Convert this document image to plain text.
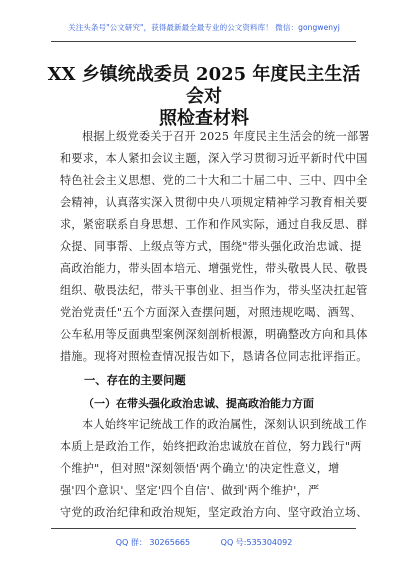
关注头条号"公文研究"，获得最新最全最专业的公文资料库！ 微信：gongwenyj
XX 乡镇统战委员 2025 年度民主生活会对
照检查材料
根据上级党委关于召开 2025 年度民主生活会的统一部署
和要求，本人紧扣会议主题，深入学习贯彻习近平新时代中国
特色社会主义思想、党的二十大和二十届二中、三中、四中全
会精神，认真落实深入贯彻中央八项规定精神学习教育相关要
求，紧密联系自身思想、工作和作风实际，通过自我反思、群
众提、同事帮、上级点等方式，围绕"带头强化政治忠诚、提
高政治能力，带头固本培元、增强党性，带头敬畏人民、敬畏
组织、敬畏法纪，带头干事创业、担当作为，带头坚决扛起管
党治党责任"五个方面深入查摆问题，对照违规吃喝、酒驾、
公车私用等反面典型案例深刻剖析根源，明确整改方向和具体
措施。现将对照检查情况报告如下，恳请各位同志批评指正。
一、存在的主要问题
（一）在带头强化政治忠诚、提高政治能力方面
本人始终牢记统战工作的政治属性，深刻认识到统战工作
本质上是政治工作，始终把政治忠诚放在首位，努力践行"两
个维护"，但对照"深刻领悟'两个确立'的决定性意义，增
强'四个意识'、坚定'四个自信'、做到'两个维护'，严
守党的政治纪律和政治规矩，坚定政治方向、坚守政治立场、
QQ 群： 30265665	QQ 号:535304092
